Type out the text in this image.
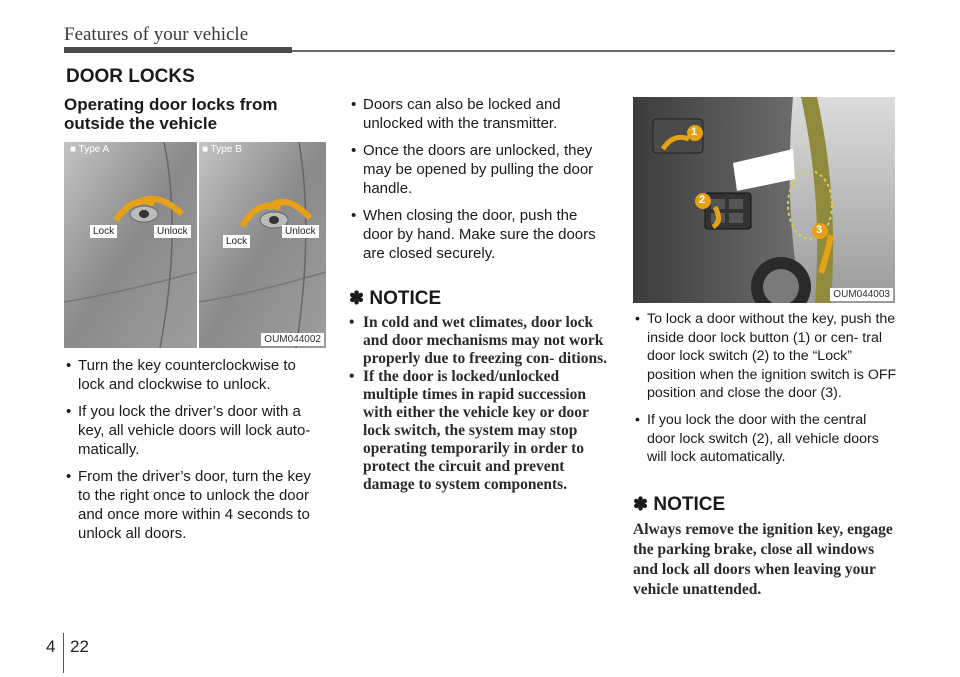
Features of your vehicle
DOOR LOCKS

Operating door locks from

outside the vehicle

■ Type A	■ Type B
Lock	Unlock
Lock
Unlock
OUM044002
• Turn the key counterclockwise to lock and clockwise to unlock.
• If you lock the driver’s door with a key, all vehicle doors will lock auto- matically.
• From the driver’s door, turn the key to the right once to unlock the door and once more within 4 seconds to unlock all doors.
• Doors can also be locked and unlocked with the transmitter.
• Once the doors are unlocked, they may be opened by pulling the door handle.
• When closing the door, push the door by hand. Make sure the doors are closed securely.

✽ NOTICE

• In cold and wet climates, door lock and door mechanisms may not work properly due to freezing con- ditions.
• If the door is locked/unlocked multiple times in rapid succession with either the vehicle key or door lock switch, the system may stop operating temporarily in order to protect the circuit and prevent damage to system components.
1
2
3
OUM044003
• To lock a door without the key, push the inside door lock button (1) or cen- tral door lock switch (2) to the “Lock” position when the ignition switch is OFF position and close the door (3).
• If you lock the door with the central door lock switch (2), all vehicle doors will lock automatically.

✽ NOTICE

Always remove the ignition key, engage the parking brake, close all windows and lock all doors when leaving your vehicle unattended.

4 22
